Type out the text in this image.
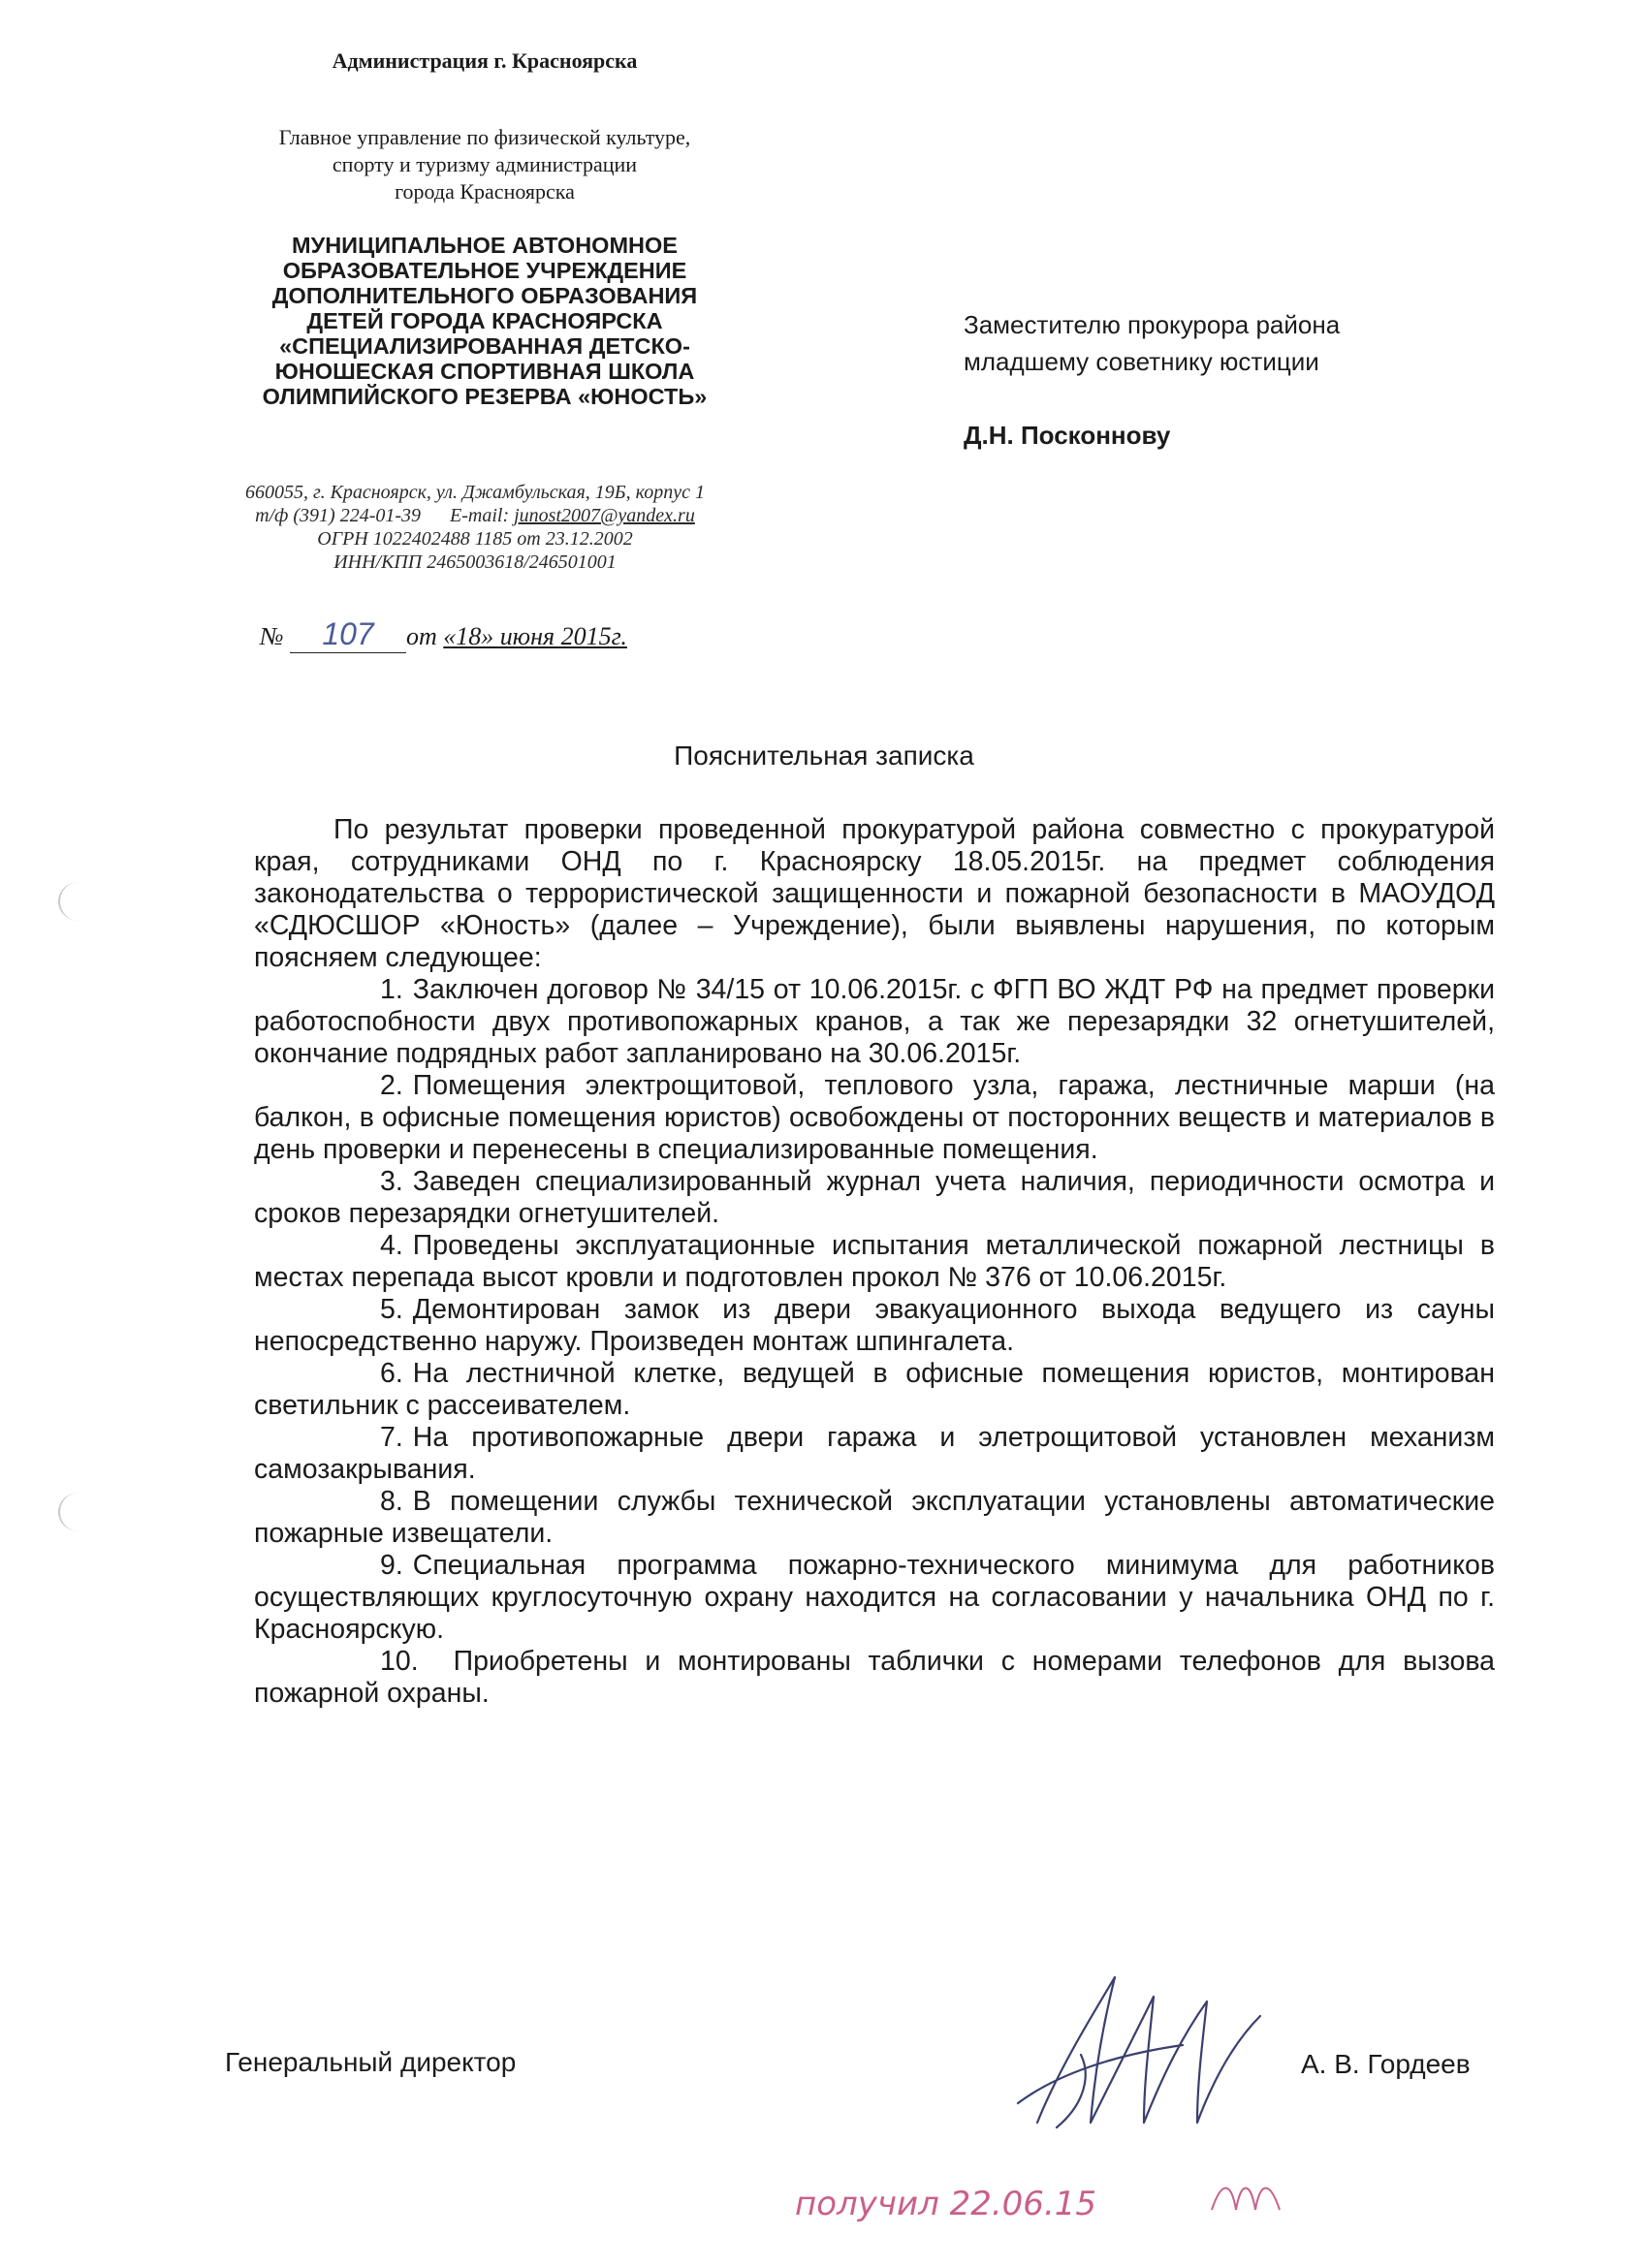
Администрация г. Красноярска
Главное управление по физической культуре,
спорту и туризму администрации
города Красноярска
МУНИЦИПАЛЬНОЕ АВТОНОМНОЕ
ОБРАЗОВАТЕЛЬНОЕ УЧРЕЖДЕНИЕ
ДОПОЛНИТЕЛЬНОГО ОБРАЗОВАНИЯ
ДЕТЕЙ ГОРОДА КРАСНОЯРСКА
«СПЕЦИАЛИЗИРОВАННАЯ ДЕТСКО-
ЮНОШЕСКАЯ СПОРТИВНАЯ ШКОЛА
ОЛИМПИЙСКОГО РЕЗЕРВА «ЮНОСТЬ»
660055, г. Красноярск, ул. Джамбульская, 19Б, корпус 1
т/ф (391) 224-01-39 E-mail: junost2007@yandex.ru
ОГРН 1022402488 1185 от 23.12.2002
ИНН/КПП 2465003618/246501001
№ 107 от «18» июня 2015г.
Заместителю прокурора района
младшему советнику юстиции
Д.Н. Посконнову
Пояснительная записка

По результат проверки проведенной прокуратурой района совместно с прокуратурой края, сотрудниками ОНД по г. Красноярску 18.05.2015г. на предмет соблюдения законодательства о террористической защищенности и пожарной безопасности в МАОУДОД «СДЮСШОР «Юность» (далее – Учреждение), были выявлены нарушения, по которым поясняем следующее:

1. Заключен договор № 34/15 от 10.06.2015г. с ФГП ВО ЖДТ РФ на предмет проверки работоспобности двух противопожарных кранов, а так же перезарядки 32 огнетушителей, окончание подрядных работ запланировано на 30.06.2015г.
2. Помещения электрощитовой, теплового узла, гаража, лестничные марши (на балкон, в офисные помещения юристов) освобождены от посторонних веществ и материалов в день проверки и перенесены в специализированные помещения.
3. Заведен специализированный журнал учета наличия, периодичности осмотра и сроков перезарядки огнетушителей.
4. Проведены эксплуатационные испытания металлической пожарной лестницы в местах перепада высот кровли и подготовлен прокол № 376 от 10.06.2015г.
5. Демонтирован замок из двери эвакуационного выхода ведущего из сауны непосредственно наружу. Произведен монтаж шпингалета.
6. На лестничной клетке, ведущей в офисные помещения юристов, монтирован светильник с рассеивателем.
7. На противопожарные двери гаража и элетрощитовой установлен механизм самозакрывания.
8. В помещении службы технической эксплуатации установлены автоматические пожарные извещатели.
9. Специальная программа пожарно-технического минимума для работников осуществляющих круглосуточную охрану находится на согласовании у начальника ОНД по г. Красноярскую.
10. Приобретены и монтированы таблички с номерами телефонов для вызова пожарной охраны.
Генеральный директор	А. В. Гордеев
получил 22.06.15
